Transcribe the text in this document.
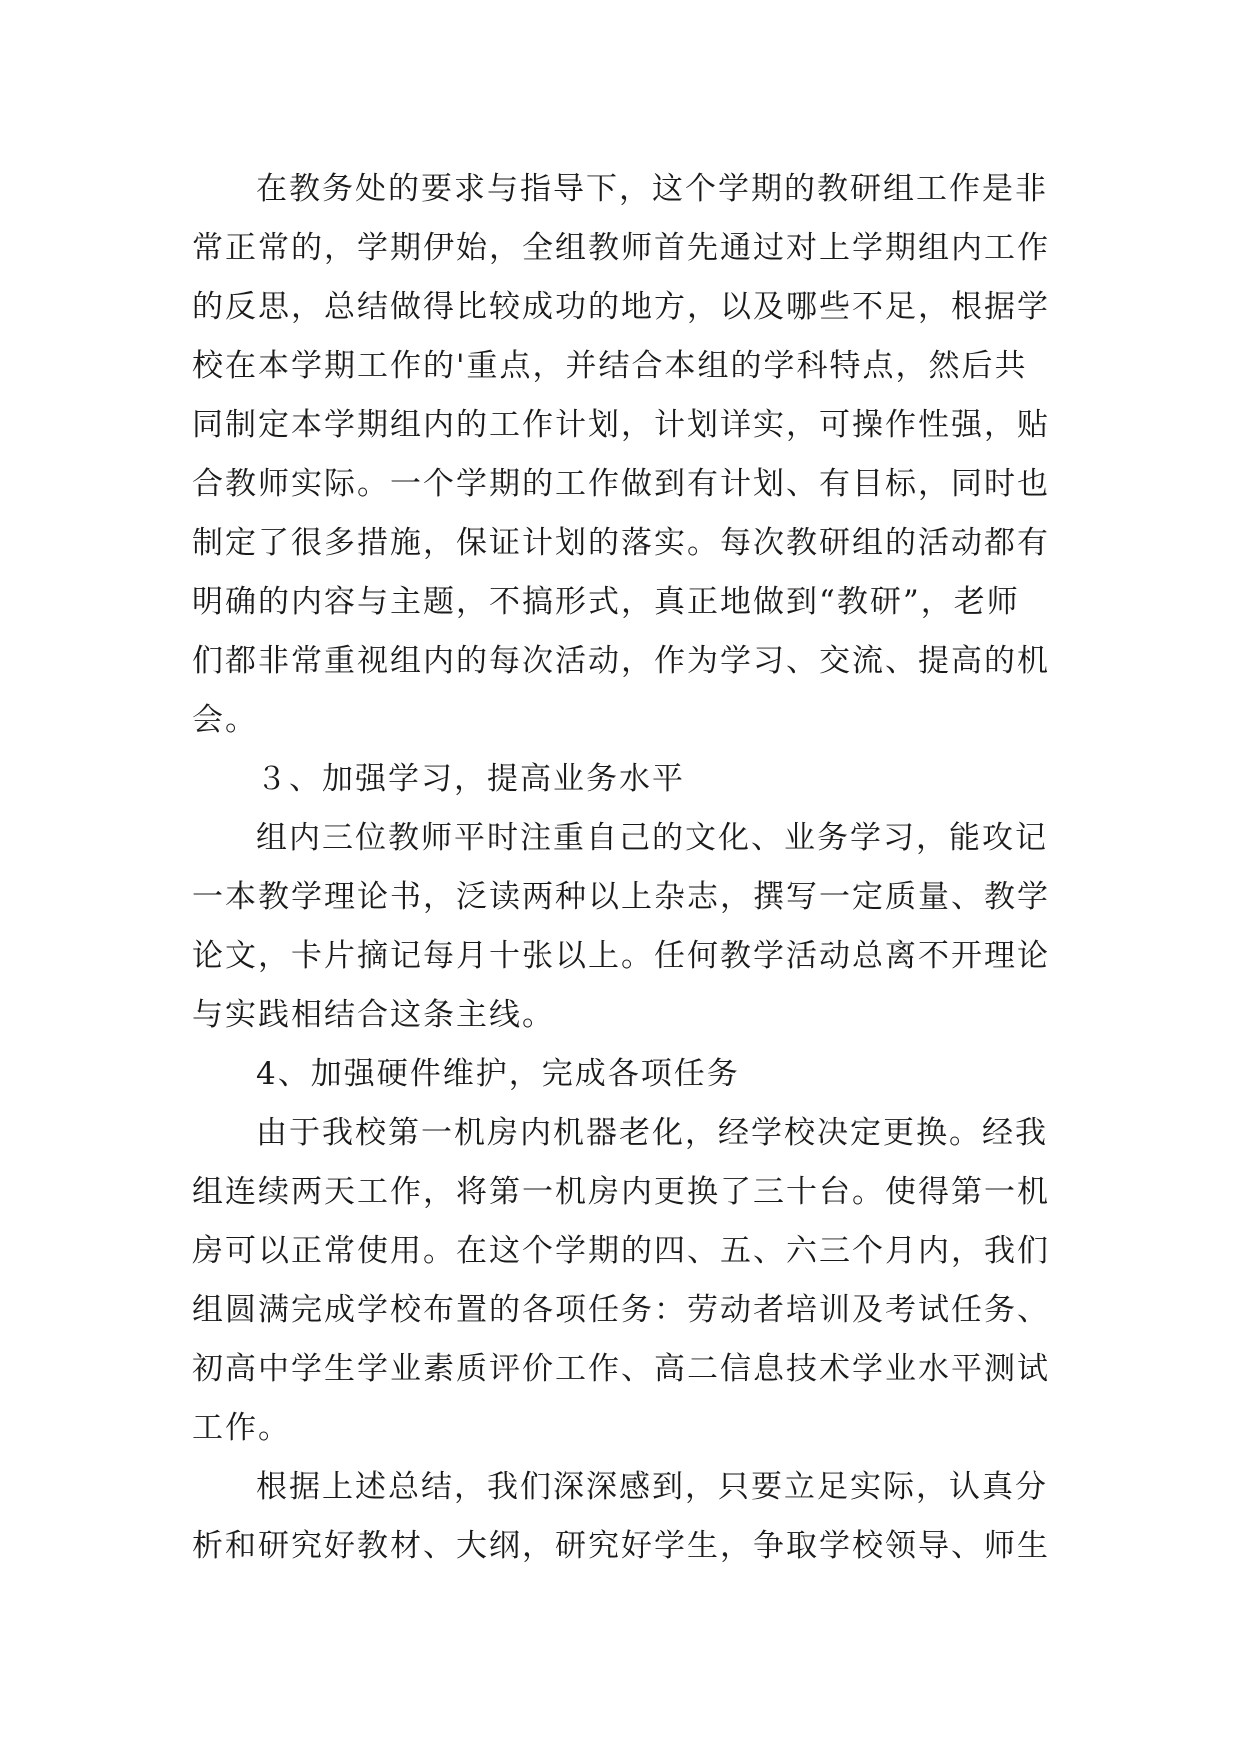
在教务处的要求与指导下，这个学期的教研组工作是非
常正常的，学期伊始，全组教师首先通过对上学期组内工作
的反思，总结做得比较成功的地方，以及哪些不足，根据学
校在本学期工作的'重点，并结合本组的学科特点，然后共
同制定本学期组内的工作计划，计划详实，可操作性强，贴
合教师实际。一个学期的工作做到有计划、有目标，同时也
制定了很多措施，保证计划的落实。每次教研组的活动都有
明确的内容与主题，不搞形式，真正地做到“教研”，老师
们都非常重视组内的每次活动，作为学习、交流、提高的机
会。
３、加强学习，提高业务水平
组内三位教师平时注重自己的文化、业务学习，能攻记
一本教学理论书，泛读两种以上杂志，撰写一定质量、教学
论文，卡片摘记每月十张以上。任何教学活动总离不开理论
与实践相结合这条主线。
4、加强硬件维护，完成各项任务
由于我校第一机房内机器老化，经学校决定更换。经我
组连续两天工作，将第一机房内更换了三十台。使得第一机
房可以正常使用。在这个学期的四、五、六三个月内，我们
组圆满完成学校布置的各项任务：劳动者培训及考试任务、
初高中学生学业素质评价工作、高二信息技术学业水平测试
工作。
根据上述总结，我们深深感到，只要立足实际，认真分
析和研究好教材、大纲，研究好学生，争取学校领导、师生
